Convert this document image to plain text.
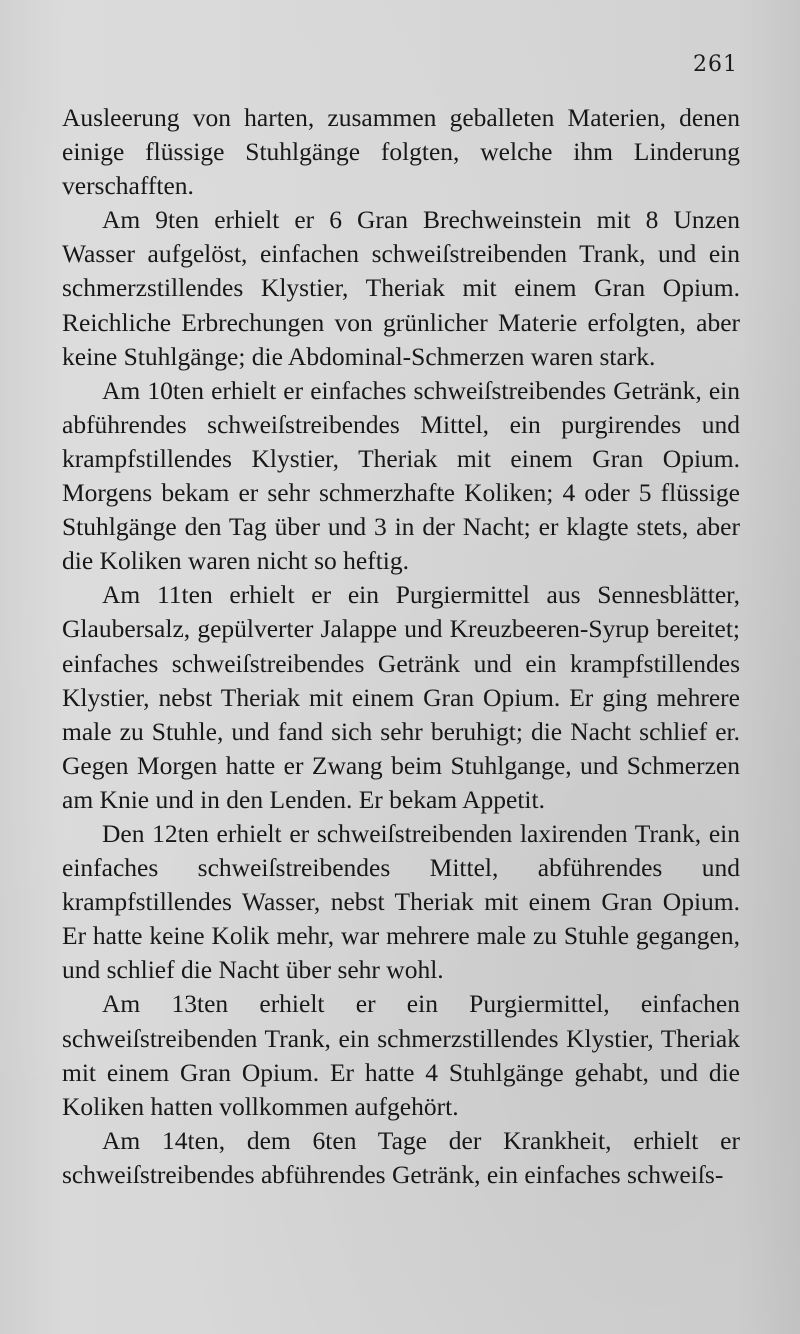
261

Ausleerung von harten, zusammen geballeten Materien, denen einige flüssige Stuhlgänge folgten, welche ihm Linderung verschafften.

Am 9ten erhielt er 6 Gran Brechweinstein mit 8 Unzen Wasser aufgelöst, einfachen schweiſstreibenden Trank, und ein schmerzstillendes Klystier, Theriak mit einem Gran Opium. Reichliche Erbrechungen von grünlicher Materie erfolgten, aber keine Stuhlgänge; die Abdominal-Schmerzen waren stark.

Am 10ten erhielt er einfaches schweiſstreibendes Getränk, ein abführendes schweiſstreibendes Mittel, ein purgirendes und krampfstillendes Klystier, Theriak mit einem Gran Opium. Morgens bekam er sehr schmerzhafte Koliken; 4 oder 5 flüssige Stuhlgänge den Tag über und 3 in der Nacht; er klagte stets, aber die Koliken waren nicht so heftig.

Am 11ten erhielt er ein Purgiermittel aus Sennesblätter, Glaubersalz, gepülverter Jalappe und Kreuzbeeren-Syrup bereitet; einfaches schweiſstreibendes Getränk und ein krampfstillendes Klystier, nebst Theriak mit einem Gran Opium. Er ging mehrere male zu Stuhle, und fand sich sehr beruhigt; die Nacht schlief er. Gegen Morgen hatte er Zwang beim Stuhlgange, und Schmerzen am Knie und in den Lenden. Er bekam Appetit.

Den 12ten erhielt er schweiſstreibenden laxirenden Trank, ein einfaches schweiſstreibendes Mittel, abführendes und krampfstillendes Wasser, nebst Theriak mit einem Gran Opium. Er hatte keine Kolik mehr, war mehrere male zu Stuhle gegangen, und schlief die Nacht über sehr wohl.

Am 13ten erhielt er ein Purgiermittel, einfachen schweiſstreibenden Trank, ein schmerzstillendes Klystier, Theriak mit einem Gran Opium. Er hatte 4 Stuhlgänge gehabt, und die Koliken hatten vollkommen aufgehört.

Am 14ten, dem 6ten Tage der Krankheit, erhielt er schweiſstreibendes abführendes Getränk, ein einfaches schweiſs-
